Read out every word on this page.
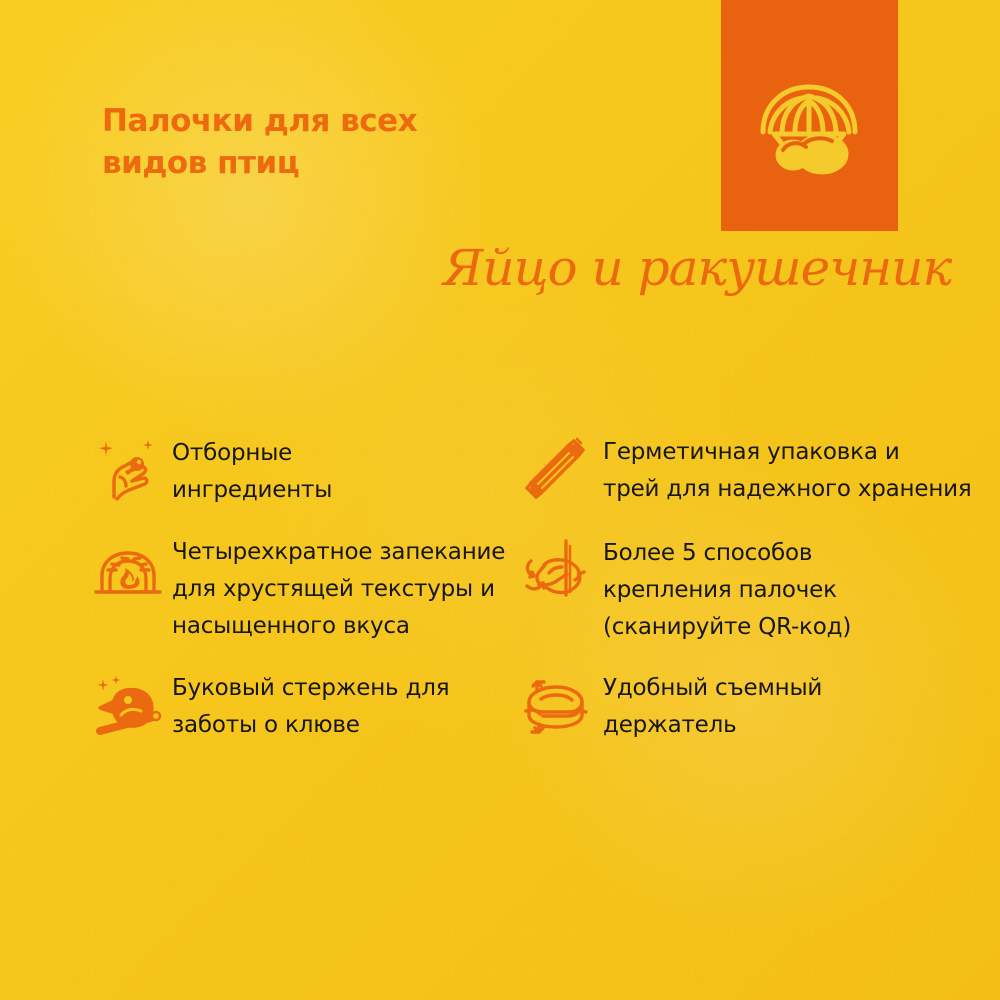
Палочки для всех
видов птиц
Яйцо и ракушечник
Отборные
ингредиенты
Четырехкратное запекание
для хрустящей текстуры и
насыщенного вкуса
Буковый стержень для
заботы о клюве
Герметичная упаковка и
трей для надежного хранения
Более 5 способов
крепления палочек
(сканируйте QR-код)
Удобный съемный
держатель
